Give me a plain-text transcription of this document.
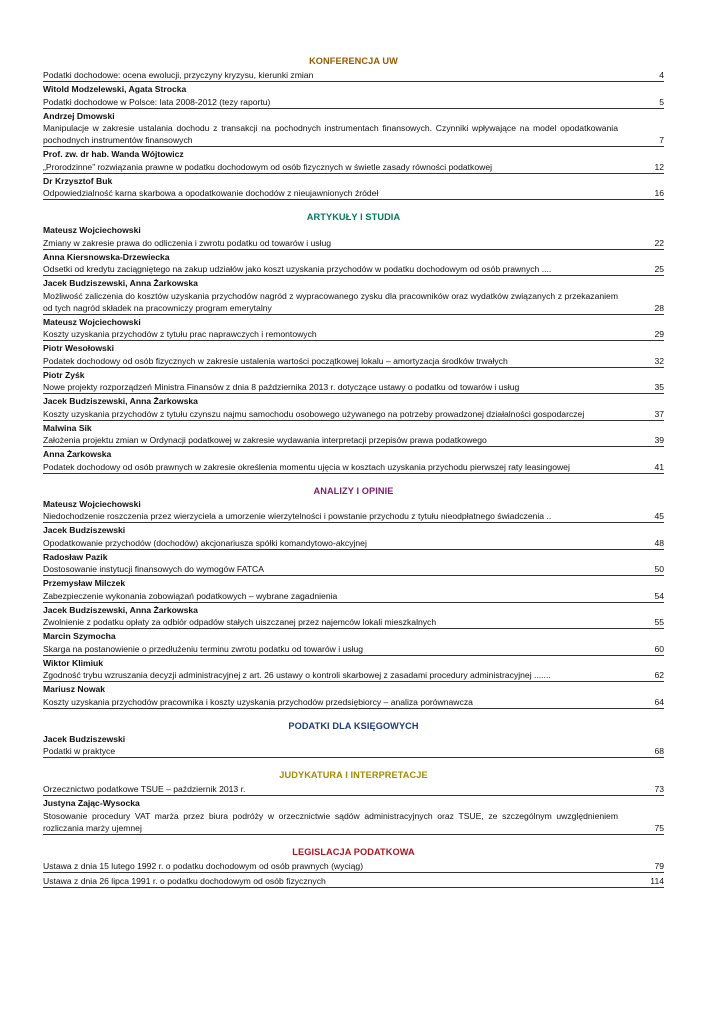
KONFERENCJA UW
Podatki dochodowe: ocena ewolucji, przyczyny kryzysu, kierunki zmian	4
Witold Modzelewski, Agata Strocka
Podatki dochodowe w Polsce: lata 2008-2012 (tezy raportu)	5
Andrzej Dmowski
Manipulacje w zakresie ustalania dochodu z transakcji na pochodnych instrumentach finansowych. Czynniki wpływające na model opodatkowania pochodnych instrumentów finansowych	7
Prof. zw. dr hab. Wanda Wójtowicz
„Prorodzinne” rozwiązania prawne w podatku dochodowym od osób fizycznych w świetle zasady równości podatkowej	12
Dr Krzysztof Buk
Odpowiedzialność karna skarbowa a opodatkowanie dochodów z nieujawnionych źródeł	16
ARTYKUŁY I STUDIA
Mateusz Wojciechowski
Zmiany w zakresie prawa do odliczenia i zwrotu podatku od towarów i usług	22
Anna Kiersnowska-Drzewiecka
Odsetki od kredytu zaciągniętego na zakup udziałów jako koszt uzyskania przychodów w podatku dochodowym od osób prawnych ....	25
Jacek Budziszewski, Anna Żarkowska
Możliwość zaliczenia do kosztów uzyskania przychodów nagród z wypracowanego zysku dla pracowników oraz wydatków związanych z przekazaniem od tych nagród składek na pracowniczy program emerytalny	28
Mateusz Wojciechowski
Koszty uzyskania przychodów z tytułu prac naprawczych i remontowych	29
Piotr Wesołowski
Podatek dochodowy od osób fizycznych w zakresie ustalenia wartości początkowej lokalu – amortyzacja środków trwałych	32
Piotr Zyśk
Nowe projekty rozporządzeń Ministra Finansów z dnia 8 października 2013 r. dotyczące ustawy o podatku od towarów i usług	35
Jacek Budziszewski, Anna Żarkowska
Koszty uzyskania przychodów z tytułu czynszu najmu samochodu osobowego używanego na potrzeby prowadzonej działalności gospodarczej	37
Malwina Sik
Założenia projektu zmian w Ordynacji podatkowej w zakresie wydawania interpretacji przepisów prawa podatkowego	39
Anna Żarkowska
Podatek dochodowy od osób prawnych w zakresie określenia momentu ujęcia w kosztach uzyskania przychodu pierwszej raty leasingowej	41
ANALIZY I OPINIE
Mateusz Wojciechowski
Niedochodzenie roszczenia przez wierzyciela a umorzenie wierzytelności i powstanie przychodu z tytułu nieodpłatnego świadczenia ..	45
Jacek Budziszewski
Opodatkowanie przychodów (dochodów) akcjonariusza spółki komandytowo-akcyjnej	48
Radosław Pazik
Dostosowanie instytucji finansowych do wymogów FATCA	50
Przemysław Milczek
Zabezpieczenie wykonania zobowiązań podatkowych – wybrane zagadnienia	54
Jacek Budziszewski, Anna Żarkowska
Zwolnienie z podatku opłaty za odbiór odpadów stałych uiszczanej przez najemców lokali mieszkalnych	55
Marcin Szymocha
Skarga na postanowienie o przedłużeniu terminu zwrotu podatku od towarów i usług	60
Wiktor Klimiuk
Zgodność trybu wzruszania decyzji administracyjnej z art. 26 ustawy o kontroli skarbowej z zasadami procedury administracyjnej .......	62
Mariusz Nowak
Koszty uzyskania przychodów pracownika i koszty uzyskania przychodów przedsiębiorcy – analiza porównawcza	64
PODATKI DLA KSIĘGOWYCH
Jacek Budziszewski
Podatki w praktyce	68
JUDYKATURA I INTERPRETACJE
Orzecznictwo podatkowe TSUE – październik 2013 r.	73
Justyna Zając-Wysocka
Stosowanie procedury VAT marża przez biura podróży w orzecznictwie sądów administracyjnych oraz TSUE, ze szczególnym uwzględnieniem rozliczania marży ujemnej	75
LEGISLACJA PODATKOWA
Ustawa z dnia 15 lutego 1992 r. o podatku dochodowym od osób prawnych (wyciąg)	79
Ustawa z dnia 26 lipca 1991 r. o podatku dochodowym od osób fizycznych	114
